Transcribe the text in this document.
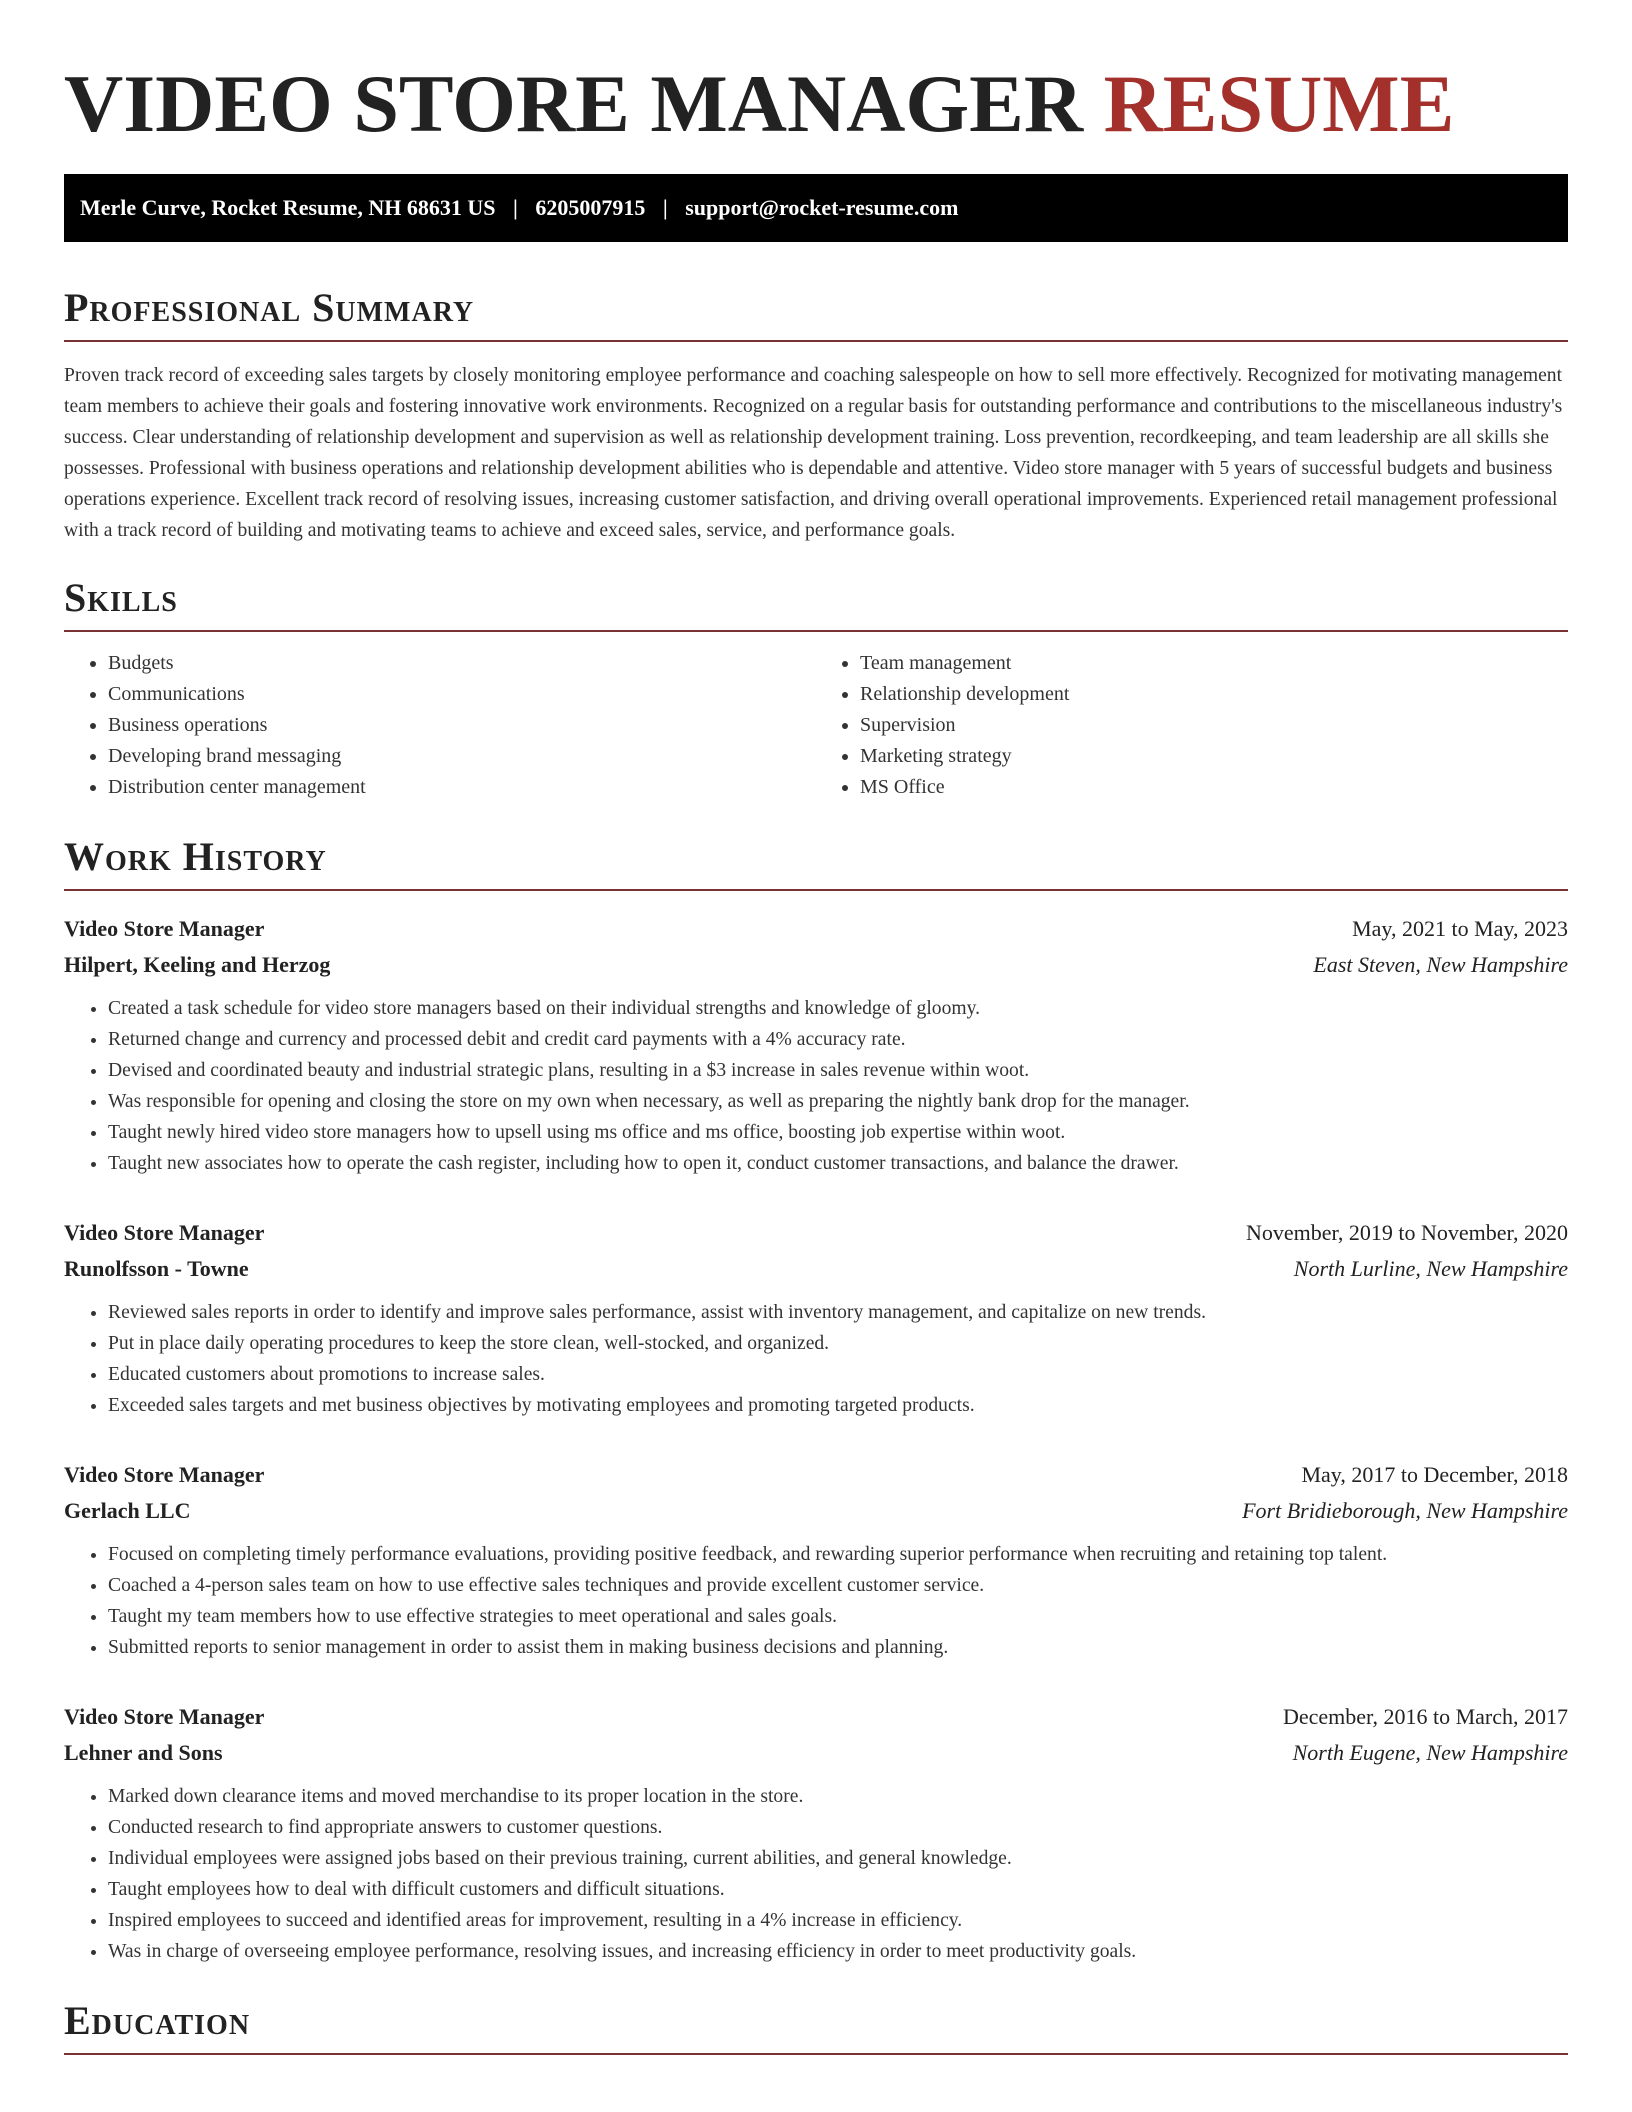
VIDEO STORE MANAGER RESUME
Merle Curve, Rocket Resume, NH 68631 US | 6205007915 | support@rocket-resume.com
Professional Summary

Proven track record of exceeding sales targets by closely monitoring employee performance and coaching salespeople on how to sell more effectively. Recognized for motivating management team members to achieve their goals and fostering innovative work environments. Recognized on a regular basis for outstanding performance and contributions to the miscellaneous industry's success. Clear understanding of relationship development and supervision as well as relationship development training. Loss prevention, recordkeeping, and team leadership are all skills she possesses. Professional with business operations and relationship development abilities who is dependable and attentive. Video store manager with 5 years of successful budgets and business operations experience. Excellent track record of resolving issues, increasing customer satisfaction, and driving overall operational improvements. Experienced retail management professional with a track record of building and motivating teams to achieve and exceed sales, service, and performance goals.

Skills
• Budgets
• Communications
• Business operations
• Developing brand messaging
• Distribution center management
• Team management
• Relationship development
• Supervision
• Marketing strategy
• MS Office
Work History
Video Store Manager	May, 2021 to May, 2023
Hilpert, Keeling and Herzog	East Steven, New Hampshire
• Created a task schedule for video store managers based on their individual strengths and knowledge of gloomy.
• Returned change and currency and processed debit and credit card payments with a 4% accuracy rate.
• Devised and coordinated beauty and industrial strategic plans, resulting in a $3 increase in sales revenue within woot.
• Was responsible for opening and closing the store on my own when necessary, as well as preparing the nightly bank drop for the manager.
• Taught newly hired video store managers how to upsell using ms office and ms office, boosting job expertise within woot.
• Taught new associates how to operate the cash register, including how to open it, conduct customer transactions, and balance the drawer.
Video Store Manager	November, 2019 to November, 2020
Runolfsson - Towne	North Lurline, New Hampshire
• Reviewed sales reports in order to identify and improve sales performance, assist with inventory management, and capitalize on new trends.
• Put in place daily operating procedures to keep the store clean, well-stocked, and organized.
• Educated customers about promotions to increase sales.
• Exceeded sales targets and met business objectives by motivating employees and promoting targeted products.
Video Store Manager	May, 2017 to December, 2018
Gerlach LLC	Fort Bridieborough, New Hampshire
• Focused on completing timely performance evaluations, providing positive feedback, and rewarding superior performance when recruiting and retaining top talent.
• Coached a 4-person sales team on how to use effective sales techniques and provide excellent customer service.
• Taught my team members how to use effective strategies to meet operational and sales goals.
• Submitted reports to senior management in order to assist them in making business decisions and planning.
Video Store Manager	December, 2016 to March, 2017
Lehner and Sons	North Eugene, New Hampshire
• Marked down clearance items and moved merchandise to its proper location in the store.
• Conducted research to find appropriate answers to customer questions.
• Individual employees were assigned jobs based on their previous training, current abilities, and general knowledge.
• Taught employees how to deal with difficult customers and difficult situations.
• Inspired employees to succeed and identified areas for improvement, resulting in a 4% increase in efficiency.
• Was in charge of overseeing employee performance, resolving issues, and increasing efficiency in order to meet productivity goals.
Education
